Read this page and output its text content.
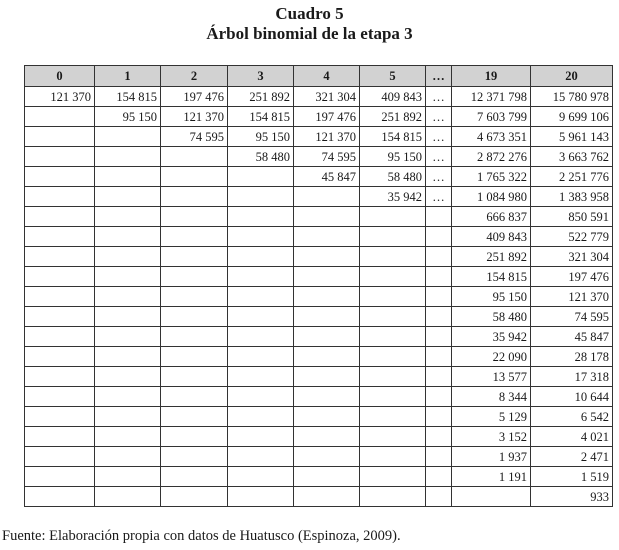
Cuadro 5
Árbol binomial de la etapa 3
0	1	2	3	4	5	…	19	20
121 370	154 815	197 476	251 892	321 304	409 843	…	12 371 798	15 780 978
	95 150	121 370	154 815	197 476	251 892	…	7 603 799	9 699 106
		74 595	95 150	121 370	154 815	…	4 673 351	5 961 143
			58 480	74 595	95 150	…	2 872 276	3 663 762
				45 847	58 480	…	1 765 322	2 251 776
					35 942	…	1 084 980	1 383 958
							666 837	850 591
							409 843	522 779
							251 892	321 304
							154 815	197 476
							95 150	121 370
							58 480	74 595
							35 942	45 847
							22 090	28 178
							13 577	17 318
							8 344	10 644
							5 129	6 542
							3 152	4 021
							1 937	2 471
							1 191	1 519
								933
Fuente: Elaboración propia con datos de Huatusco (Espinoza, 2009).
